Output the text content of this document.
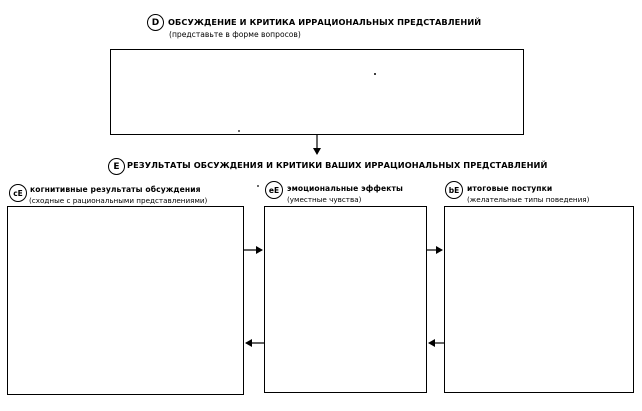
D ОБСУЖДЕНИЕ И КРИТИКА ИРРАЦИОНАЛЬНЫХ ПРЕДСТАВЛЕНИЙ
(представьте в форме вопросов)
E РЕЗУЛЬТАТЫ ОБСУЖДЕНИЯ И КРИТИКИ ВАШИХ ИРРАЦИОНАЛЬНЫХ ПРЕДСТАВЛЕНИЙ
cE когнитивные результаты обсуждения
(сходные с рациональными представлениями)
eE эмоциональные эффекты
(уместные чувства)
bE итоговые поступки
(желательные типы поведения)
